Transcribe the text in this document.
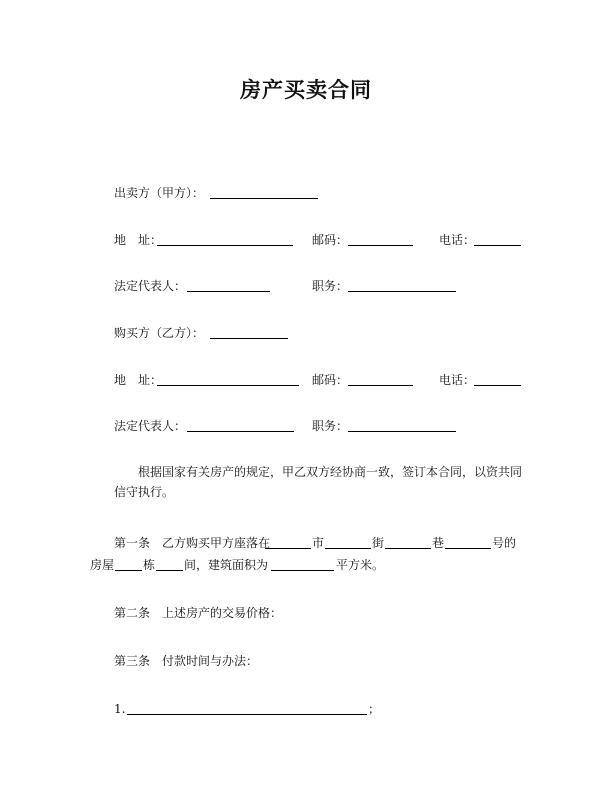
房产买卖合同
出卖方（甲方）：
地　址：	邮码：	电话：
法定代表人：	职务：
购买方（乙方）：
地　址：	邮码：	电话：
法定代表人：	职务：
根据国家有关房产的规定，甲乙双方经协商一致，签订本合同，以资共同信守执行。
第一条　乙方购买甲方座落在	市	街	巷	号的
房屋 栋 间，建筑面积为	平方米。
第二条　上述房产的交易价格：
第三条　付款时间与办法：
1.	；
